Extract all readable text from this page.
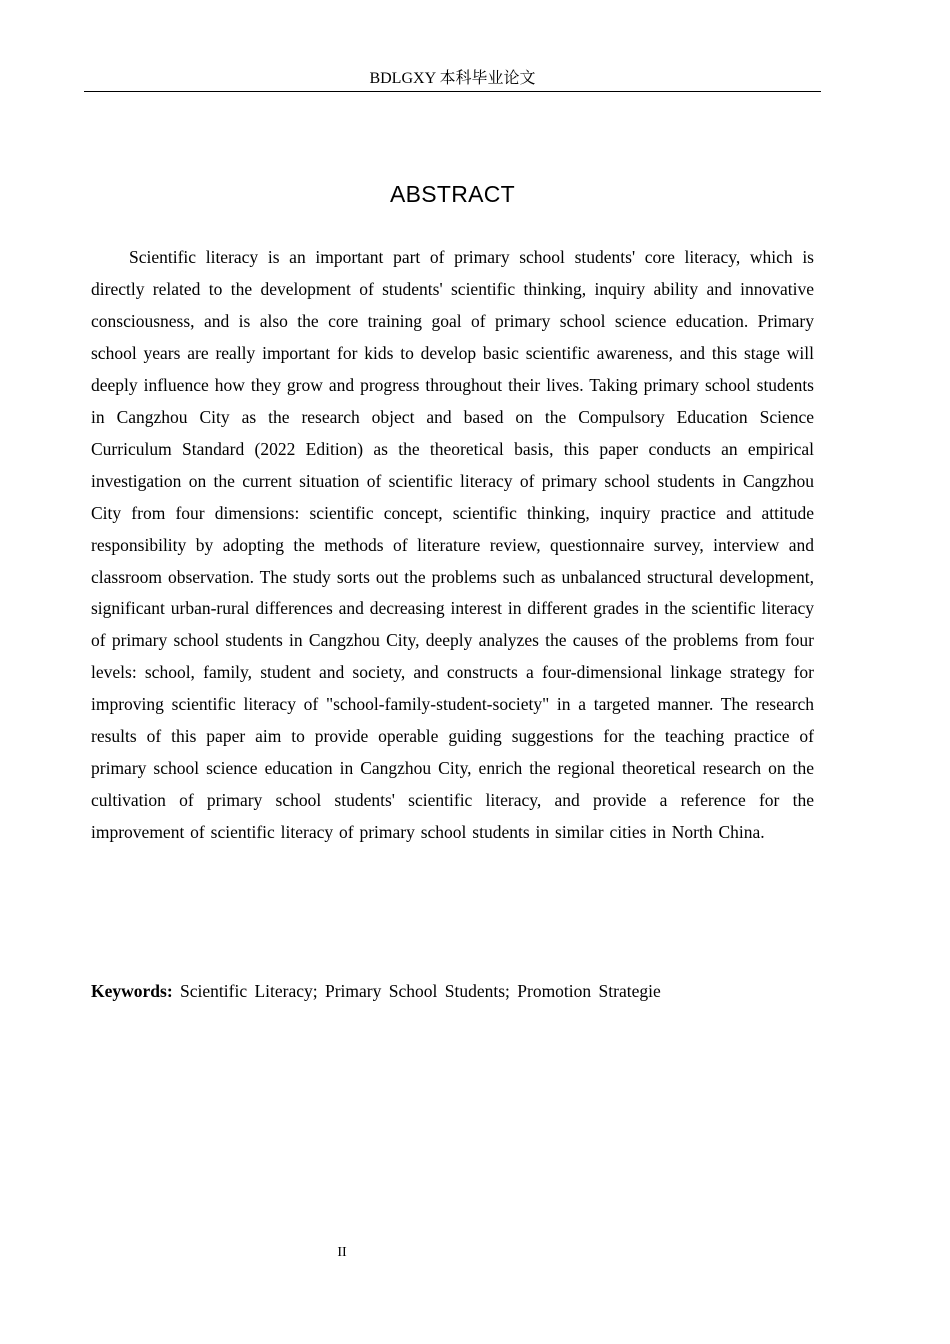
BDLGXY 本科毕业论文
ABSTRACT

Scientific literacy is an important part of primary school students' core literacy, which is directly related to the development of students' scientific thinking, inquiry ability and innovative consciousness, and is also the core training goal of primary school science education. Primary school years are really important for kids to develop basic scientific awareness, and this stage will deeply influence how they grow and progress throughout their lives. Taking primary school students in Cangzhou City as the research object and based on the Compulsory Education Science Curriculum Standard (2022 Edition) as the theoretical basis, this paper conducts an empirical investigation on the current situation of scientific literacy of primary school students in Cangzhou City from four dimensions: scientific concept, scientific thinking, inquiry practice and attitude responsibility by adopting the methods of literature review, questionnaire survey, interview and classroom observation. The study sorts out the problems such as unbalanced structural development, significant urban-rural differences and decreasing interest in different grades in the scientific literacy of primary school students in Cangzhou City, deeply analyzes the causes of the problems from four levels: school, family, student and society, and constructs a four-dimensional linkage strategy for improving scientific literacy of "school-family-student-society" in a targeted manner. The research results of this paper aim to provide operable guiding suggestions for the teaching practice of primary school science education in Cangzhou City, enrich the regional theoretical research on the cultivation of primary school students' scientific literacy, and provide a reference for the improvement of scientific literacy of primary school students in similar cities in North China.

Keywords: Scientific Literacy; Primary School Students; Promotion Strategie

II
